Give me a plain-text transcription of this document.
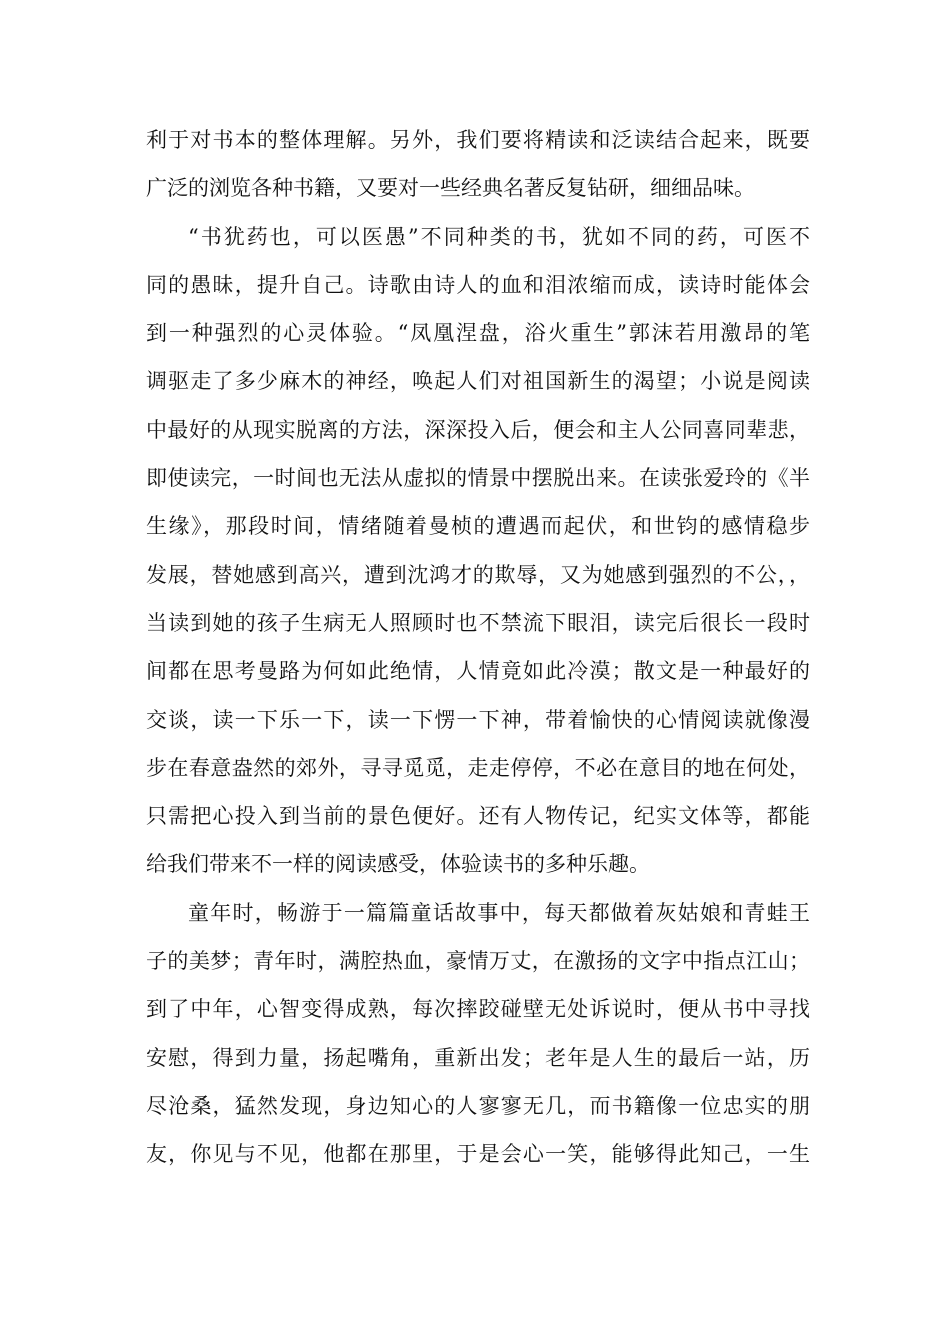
利于对书本的整体理解。另外，我们要将精读和泛读结合起来，既要
广泛的浏览各种书籍，又要对一些经典名著反复钻研，细细品味。
“书犹药也，可以医愚”不同种类的书，犹如不同的药，可医不
同的愚昧，提升自己。诗歌由诗人的血和泪浓缩而成，读诗时能体会
到一种强烈的心灵体验。“凤凰涅盘，浴火重生”郭沫若用激昂的笔
调驱走了多少麻木的神经，唤起人们对祖国新生的渴望；小说是阅读
中最好的从现实脱离的方法，深深投入后，便会和主人公同喜同辈悲，
即使读完，一时间也无法从虚拟的情景中摆脱出来。在读张爱玲的《半
生缘》，那段时间，情绪随着曼桢的遭遇而起伏，和世钧的感情稳步
发展，替她感到高兴，遭到沈鸿才的欺辱，又为她感到强烈的不公，，
当读到她的孩子生病无人照顾时也不禁流下眼泪，读完后很长一段时
间都在思考曼路为何如此绝情，人情竟如此冷漠；散文是一种最好的
交谈，读一下乐一下，读一下愣一下神，带着愉快的心情阅读就像漫
步在春意盎然的郊外，寻寻觅觅，走走停停，不必在意目的地在何处，
只需把心投入到当前的景色便好。还有人物传记，纪实文体等，都能
给我们带来不一样的阅读感受，体验读书的多种乐趣。
童年时，畅游于一篇篇童话故事中，每天都做着灰姑娘和青蛙王
子的美梦；青年时，满腔热血，豪情万丈，在激扬的文字中指点江山；
到了中年，心智变得成熟，每次摔跤碰壁无处诉说时，便从书中寻找
安慰，得到力量，扬起嘴角，重新出发；老年是人生的最后一站，历
尽沧桑，猛然发现，身边知心的人寥寥无几，而书籍像一位忠实的朋
友，你见与不见，他都在那里，于是会心一笑，能够得此知己，一生
